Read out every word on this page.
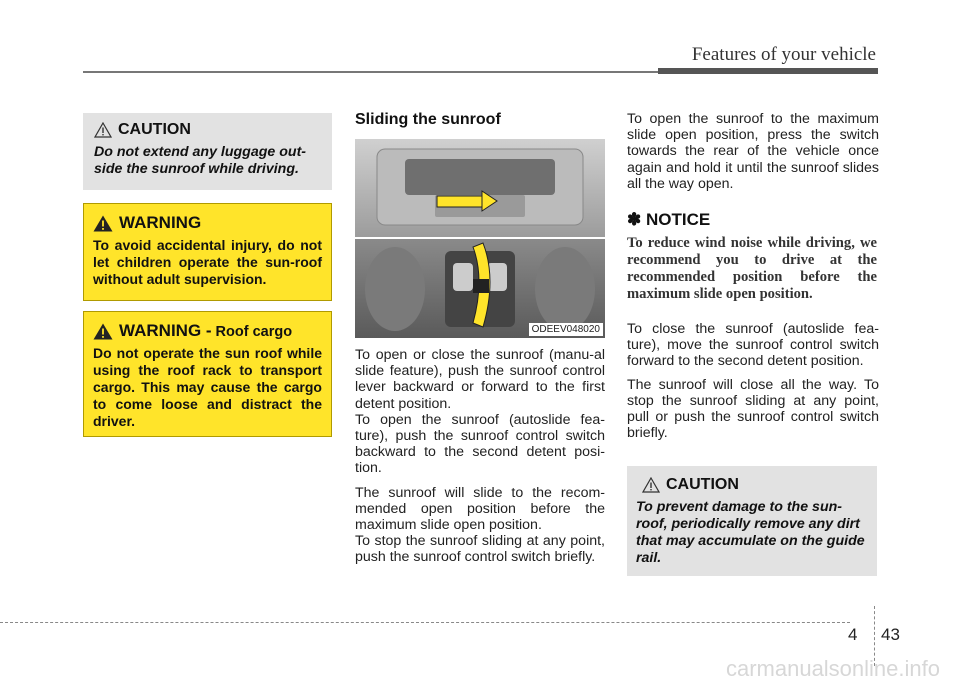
Features of your vehicle
CAUTION
Do not extend any luggage out-side the sunroof while driving.
WARNING
To avoid accidental injury, do not let children operate the sun-roof without adult supervision.
WARNING - Roof cargo
Do not operate the sun roof while using the roof rack to transport cargo. This may cause the cargo to come loose and distract the driver.
Sliding the sunroof
ODEEV048020

To open or close the sunroof (manu-al slide feature), push the sunroof control lever backward or forward to the first detent position.

To open the sunroof (autoslide fea-ture), push the sunroof control switch backward to the second detent posi-tion.

The sunroof will slide to the recom-mended open position before the maximum slide open position.

To stop the sunroof sliding at any point, push the sunroof control switch briefly.

To open the sunroof to the maximum slide open position, press the switch towards the rear of the vehicle once again and hold it until the sunroof slides all the way open.

✽ NOTICE
To reduce wind noise while driving, we recommend you to drive at the recommended position before the maximum slide open position.

To close the sunroof (autoslide fea-ture), move the sunroof control switch forward to the second detent position.

The sunroof will close all the way. To stop the sunroof sliding at any point, pull or push the sunroof control switch briefly.

CAUTION
To prevent damage to the sun-roof, periodically remove any dirt that may accumulate on the guide rail.
4 43
carmanualsonline.info
